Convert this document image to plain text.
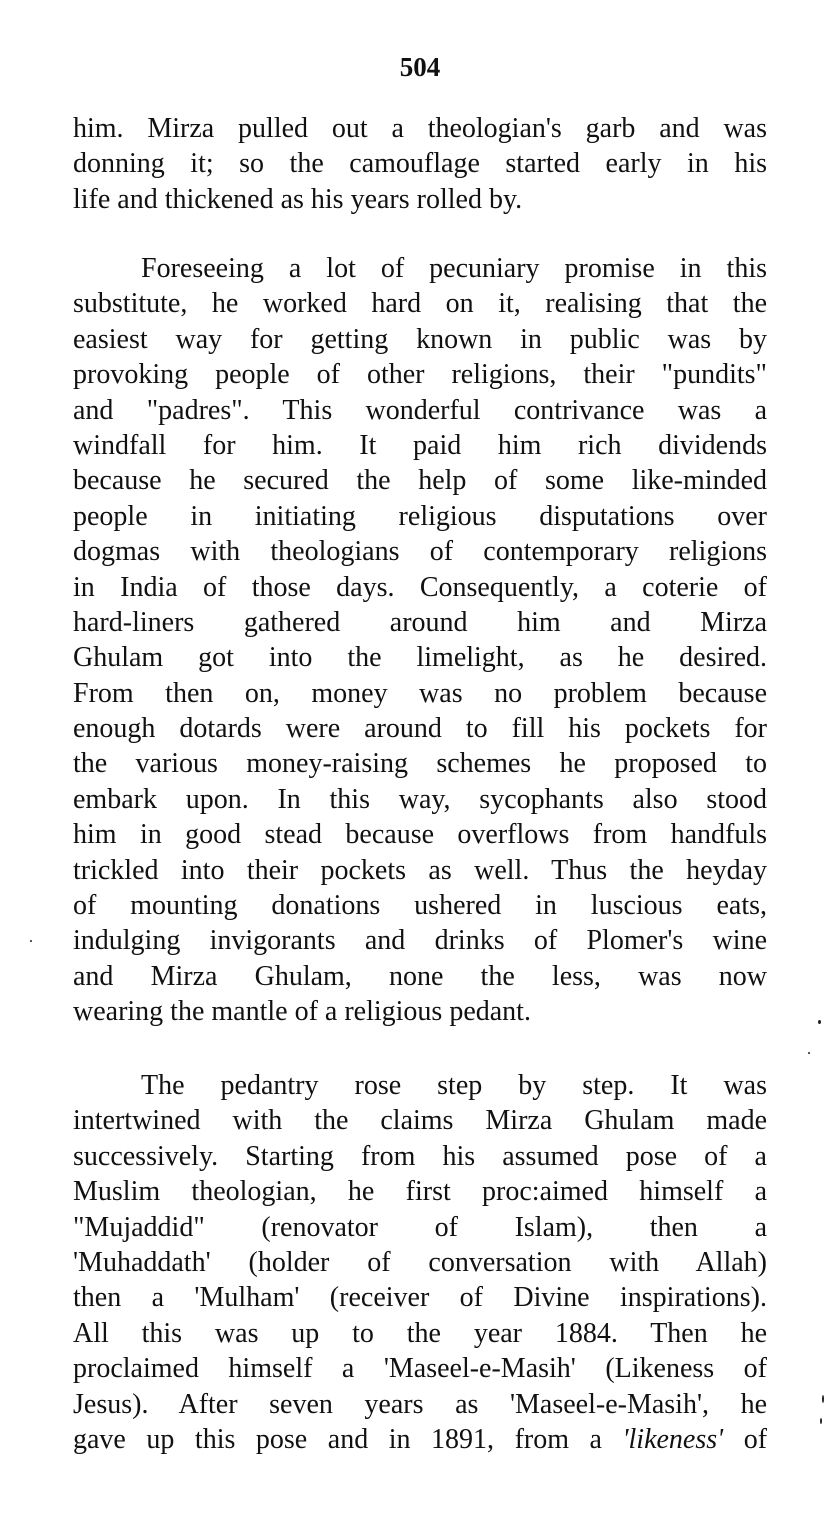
504
him. Mirza pulled out a theologian's garb and was
donning it; so the camouflage started early in his
life and thickened as his years rolled by.
Foreseeing a lot of pecuniary promise in this
substitute, he worked hard on it, realising that the
easiest way for getting known in public was by
provoking people of other religions, their "pundits"
and "padres". This wonderful contrivance was a
windfall for him. It paid him rich dividends
because he secured the help of some like-minded
people in initiating religious disputations over
dogmas with theologians of contemporary religions
in India of those days. Consequently, a coterie of
hard-liners gathered around him and Mirza
Ghulam got into the limelight, as he desired.
From then on, money was no problem because
enough dotards were around to fill his pockets for
the various money-raising schemes he proposed to
embark upon. In this way, sycophants also stood
him in good stead because overflows from handfuls
trickled into their pockets as well. Thus the heyday
of mounting donations ushered in luscious eats,
indulging invigorants and drinks of Plomer's wine
and Mirza Ghulam, none the less, was now
wearing the mantle of a religious pedant.
The pedantry rose step by step. It was
intertwined with the claims Mirza Ghulam made
successively. Starting from his assumed pose of a
Muslim theologian, he first proc:aimed himself a
"Mujaddid" (renovator of Islam), then a
'Muhaddath' (holder of conversation with Allah)
then a 'Mulham' (receiver of Divine inspirations).
All this was up to the year 1884. Then he
proclaimed himself a 'Maseel-e-Masih' (Likeness of
Jesus). After seven years as 'Maseel-e-Masih', he
gave up this pose and in 1891, from a 'likeness' of
